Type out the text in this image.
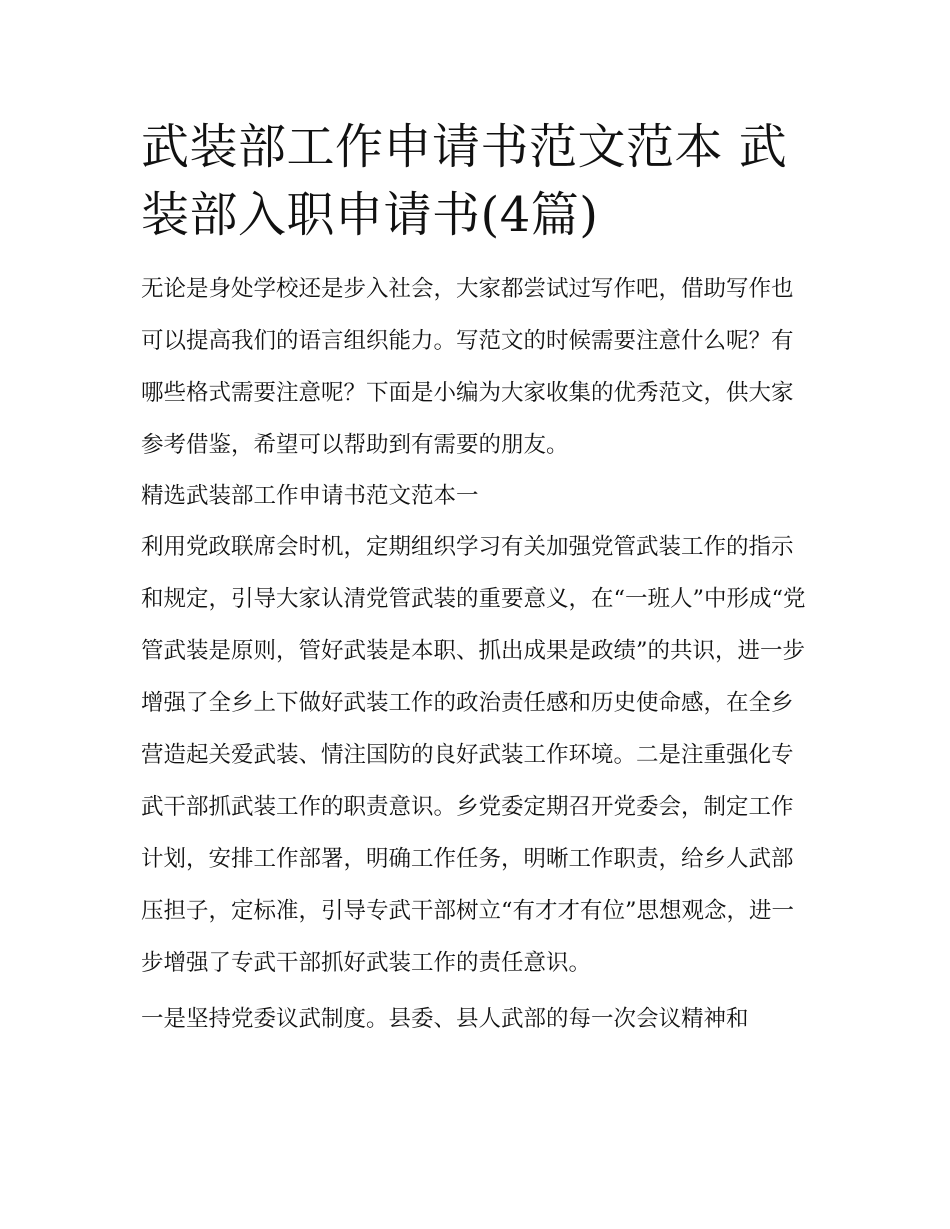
武装部工作申请书范文范本 武装部入职申请书(4篇)

无论是身处学校还是步入社会，大家都尝试过写作吧，借助写作也可以提高我们的语言组织能力。写范文的时候需要注意什么呢？有哪些格式需要注意呢？下面是小编为大家收集的优秀范文，供大家参考借鉴，希望可以帮助到有需要的朋友。

精选武装部工作申请书范文范本一

利用党政联席会时机，定期组织学习有关加强党管武装工作的指示和规定，引导大家认清党管武装的重要意义，在“一班人”中形成“党管武装是原则，管好武装是本职、抓出成果是政绩”的共识，进一步增强了全乡上下做好武装工作的政治责任感和历史使命感，在全乡营造起关爱武装、情注国防的良好武装工作环境。二是注重强化专武干部抓武装工作的职责意识。乡党委定期召开党委会，制定工作计划，安排工作部署，明确工作任务，明晰工作职责，给乡人武部压担子，定标准，引导专武干部树立“有才才有位”思想观念，进一步增强了专武干部抓好武装工作的责任意识。

一是坚持党委议武制度。县委、县人武部的每一次会议精神和
